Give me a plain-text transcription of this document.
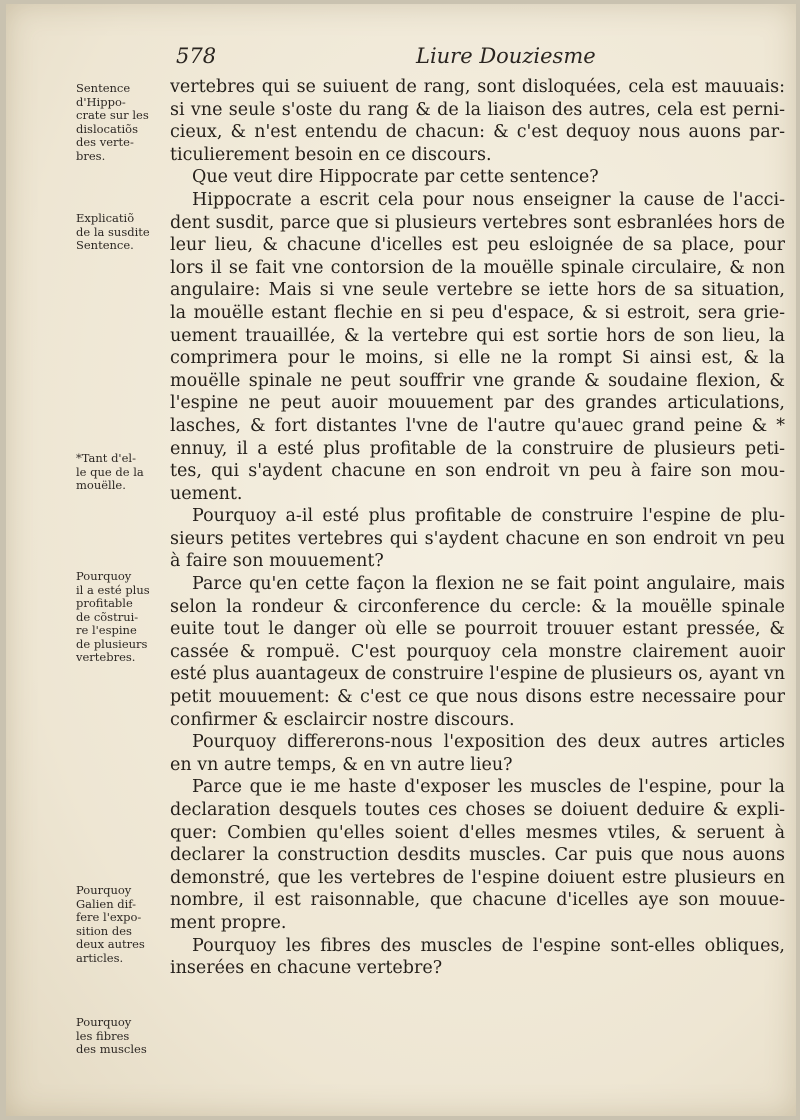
578	Liure Douziesme
Sentence
d'Hippo-
crate sur les
dislocatiõs
des verte-
bres.
Explicatiõ
de la susdite
Sentence.
*Tant d'el-
le que de la
mouëlle.
Pourquoy
il a esté plus
profitable
de cõstrui-
re l'espine
de plusieurs
vertebres.
Pourquoy
Galien dif-
fere l'expo-
sition des
deux autres
articles.
Pourquoy
les fibres
des muscles
vertebres qui se suiuent de rang, sont disloquées, cela est mauuais:
si vne seule s'oste du rang & de la liaison des autres, cela est perni-
cieux, & n'est entendu de chacun: & c'est dequoy nous auons par-
ticulierement besoin en ce discours.
Que veut dire Hippocrate par cette sentence?
Hippocrate a escrit cela pour nous enseigner la cause de l'acci-
dent susdit, parce que si plusieurs vertebres sont esbranlées hors de
leur lieu, & chacune d'icelles est peu esloignée de sa place, pour
lors il se fait vne contorsion de la mouëlle spinale circulaire, & non
angulaire: Mais si vne seule vertebre se iette hors de sa situation,
la mouëlle estant flechie en si peu d'espace, & si estroit, sera grie-
uement trauaillée, & la vertebre qui est sortie hors de son lieu, la
comprimera pour le moins, si elle ne la rompt Si ainsi est, & la
mouëlle spinale ne peut souffrir vne grande & soudaine flexion, &
l'espine ne peut auoir mouuement par des grandes articulations,
lasches, & fort distantes l'vne de l'autre qu'auec grand peine & *
ennuy, il a esté plus profitable de la construire de plusieurs peti-
tes, qui s'aydent chacune en son endroit vn peu à faire son mou-
uement.
Pourquoy a-il esté plus profitable de construire l'espine de plu-
sieurs petites vertebres qui s'aydent chacune en son endroit vn peu
à faire son mouuement?
Parce qu'en cette façon la flexion ne se fait point angulaire, mais
selon la rondeur & circonference du cercle: & la mouëlle spinale
euite tout le danger où elle se pourroit trouuer estant pressée, &
cassée & rompuë. C'est pourquoy cela monstre clairement auoir
esté plus auantageux de construire l'espine de plusieurs os, ayant vn
petit mouuement: & c'est ce que nous disons estre necessaire pour
confirmer & esclaircir nostre discours.
Pourquoy differerons-nous l'exposition des deux autres articles
en vn autre temps, & en vn autre lieu?
Parce que ie me haste d'exposer les muscles de l'espine, pour la
declaration desquels toutes ces choses se doiuent deduire & expli-
quer: Combien qu'elles soient d'elles mesmes vtiles, & seruent à
declarer la construction desdits muscles. Car puis que nous auons
demonstré, que les vertebres de l'espine doiuent estre plusieurs en
nombre, il est raisonnable, que chacune d'icelles aye son mouue-
ment propre.
Pourquoy les fibres des muscles de l'espine sont-elles obliques,
inserées en chacune vertebre?
